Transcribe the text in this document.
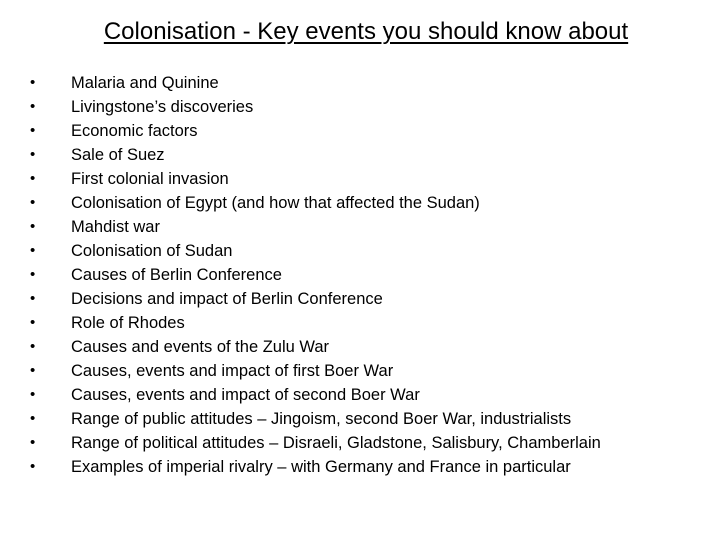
Colonisation - Key events you should know about
• Malaria and Quinine
• Livingstone’s discoveries
• Economic factors
• Sale of Suez
• First colonial invasion
• Colonisation of Egypt (and how that affected the Sudan)
• Mahdist war
• Colonisation of Sudan
• Causes of Berlin Conference
• Decisions and impact of Berlin Conference
• Role of Rhodes
• Causes and events of the Zulu War
• Causes, events and impact of first Boer War
• Causes, events and impact of second Boer War
• Range of public attitudes – Jingoism, second Boer War, industrialists
• Range of political attitudes – Disraeli, Gladstone, Salisbury, Chamberlain
• Examples of imperial rivalry – with Germany and France in particular
